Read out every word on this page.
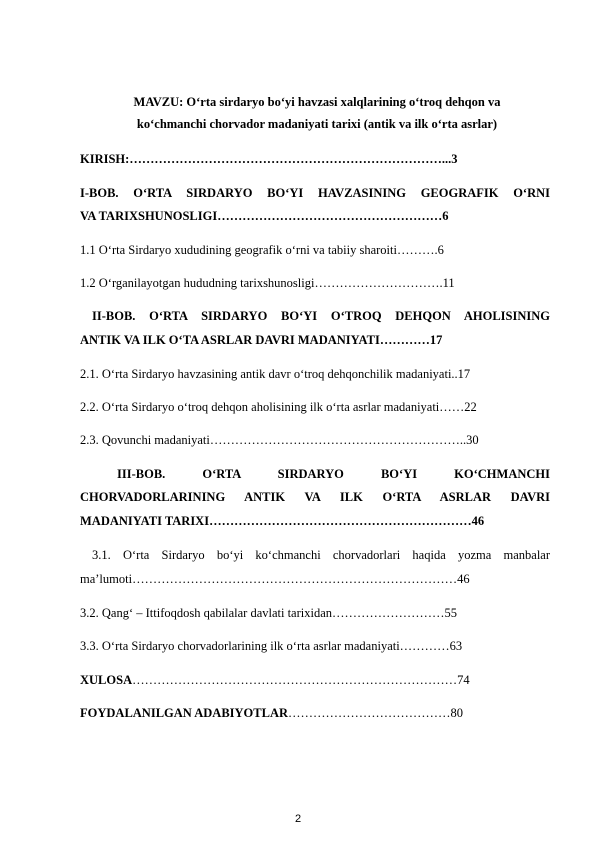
MAVZU: O‘rta sirdaryo bo‘yi havzasi xalqlarining o‘troq dehqon va
ko‘chmanchi chorvador madaniyati tarixi (antik va ilk o‘rta asrlar)
KIRISH:…………………………………………………………………...3
I-BOB. O‘RTA SIRDARYO BO‘YI HAVZASINING GEOGRAFIK O‘RNI
VA TARIXSHUNOSLIGI………………………………………………6
1.1 O‘rta Sirdaryo xududining geografik o‘rni va tabiiy sharoiti……….6
1.2 O‘rganilayotgan hududning tarixshunosligi………………………….11
II-BOB. O‘RTA SIRDARYO BO‘YI O‘TROQ DEHQON AHOLISINING
ANTIK VA ILK O‘TA ASRLAR DAVRI MADANIYATI…………17
2.1. O‘rta Sirdaryo havzasining antik davr o‘troq dehqonchilik madaniyati..17
2.2. O‘rta Sirdaryo o‘troq dehqon aholisining ilk o‘rta asrlar madaniyati……22
2.3. Qovunchi madaniyati……………………………………………………..30
III-BOB. O‘RTA SIRDARYO BO‘YI KO‘CHMANCHI
CHORVADORLARINING ANTIK VA ILK O‘RTA ASRLAR DAVRI
MADANIYATI TARIXI………………………………………………………46
3.1. O‘rta Sirdaryo bo‘yi ko‘chmanchi chorvadorlari haqida yozma manbalar
ma’lumoti……………………………………………………………………46
3.2. Qang‘ – Ittifoqdosh qabilalar davlati tarixidan………………………55
3.3. O‘rta Sirdaryo chorvadorlarining ilk o‘rta asrlar madaniyati…………63
XULOSA……………………………………………………………………74
FOYDALANILGAN ADABIYOTLAR…………………………………80
2
